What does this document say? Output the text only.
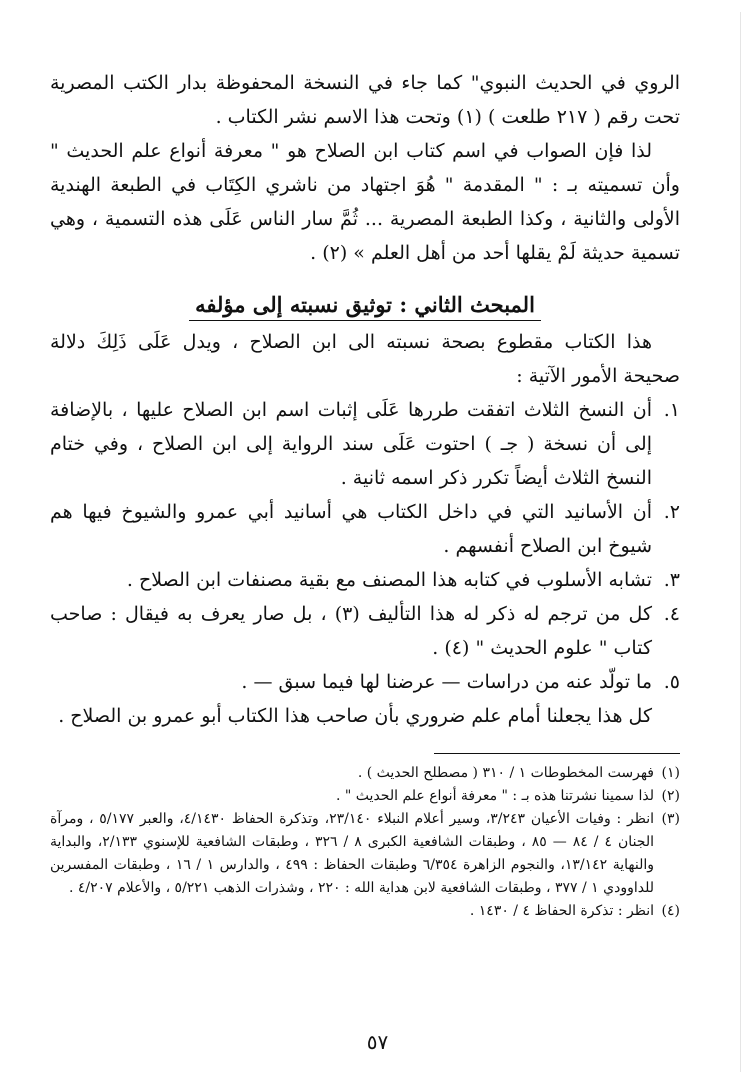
الروي في الحديث النبوي" كما جاء في النسخة المحفوظة بدار الكتب المصرية تحت رقم ( ٢١٧ طلعت ) (١) وتحت هذا الاسم نشر الكتاب .

لذا فإن الصواب في اسم كتاب ابن الصلاح هو " معرفة أنواع علم الحديث " وأن تسميته بـ : " المقدمة " هُوَ اجتهاد من ناشري الكِتَاب في الطبعة الهندية الأولى والثانية ، وكذا الطبعة المصرية ... ثُمَّ سار الناس عَلَى هذه التسمية ، وهي تسمية حديثة لَمْ يقلها أحد من أهل العلم » (٢) .

المبحث الثاني : توثيق نسبته إلى مؤلفه

هذا الكتاب مقطوع بصحة نسبته الى ابن الصلاح ، ويدل عَلَى ذَلِكَ دلالة صحيحة الأمور الآتية :

١.
أن النسخ الثلاث اتفقت طررها عَلَى إثبات اسم ابن الصلاح عليها ، بالإضافة إلى أن نسخة ( جـ ) احتوت عَلَى سند الرواية إلى ابن الصلاح ، وفي ختام النسخ الثلاث أيضاً تكرر ذكر اسمه ثانية .
٢.
أن الأسانيد التي في داخل الكتاب هي أسانيد أبي عمرو والشيوخ فيها هم شيوخ ابن الصلاح أنفسهم .
٣.
تشابه الأسلوب في كتابه هذا المصنف مع بقية مصنفات ابن الصلاح .
٤.
كل من ترجم له ذكر له هذا التأليف (٣) ، بل صار يعرف به فيقال : صاحب كتاب " علوم الحديث " (٤) .
٥.
ما تولّد عنه من دراسات — عرضنا لها فيما سبق — .

كل هذا يجعلنا أمام علم ضروري بأن صاحب هذا الكتاب أبو عمرو بن الصلاح .

(١)
فهرست المخطوطات ١ / ٣١٠ ( مصطلح الحديث ) .
(٢)
لذا سمينا نشرتنا هذه بـ : " معرفة أنواع علم الحديث " .
(٣)
انظر : وفيات الأعيان ٣/٢٤٣، وسير أعلام النبلاء ٢٣/١٤٠، وتذكرة الحفاظ ٤/١٤٣٠، والعبر ٥/١٧٧ ، ومرآة الجنان ٤ / ٨٤ — ٨٥ ، وطبقات الشافعية الكبرى ٨ / ٣٢٦ ، وطبقات الشافعية للإسنوي ٢/١٣٣، والبداية والنهاية ١٣/١٤٢، والنجوم الزاهرة ٦/٣٥٤ وطبقات الحفاظ : ٤٩٩ ، والدارس ١ / ١٦ ، وطبقات المفسرين للداوودي ١ / ٣٧٧ ، وطبقات الشافعية لابن هداية الله : ٢٢٠ ، وشذرات الذهب ٥/٢٢١ ، والأعلام ٤/٢٠٧ .
(٤)
انظر : تذكرة الحفاظ ٤ / ١٤٣٠ .
٥٧
